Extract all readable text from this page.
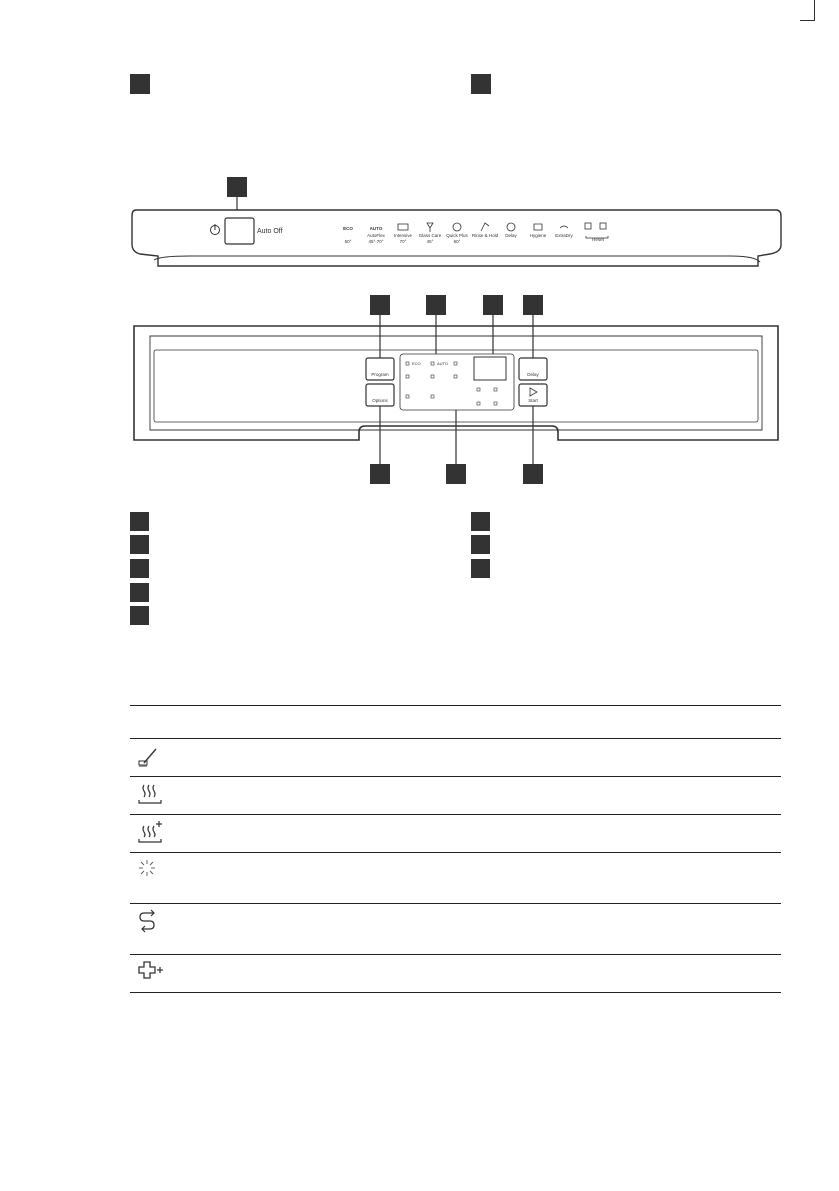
Auto Off	ECO
50°
AUTO
AutoFlex
45°-70°
Intensive
70°
Glass Care
45°
Quick Plus
60°
Rinse & Hold Delay	Hygiene ExtraDry
Reset
Program
Options
Delay
Start
ECO	AUTO
